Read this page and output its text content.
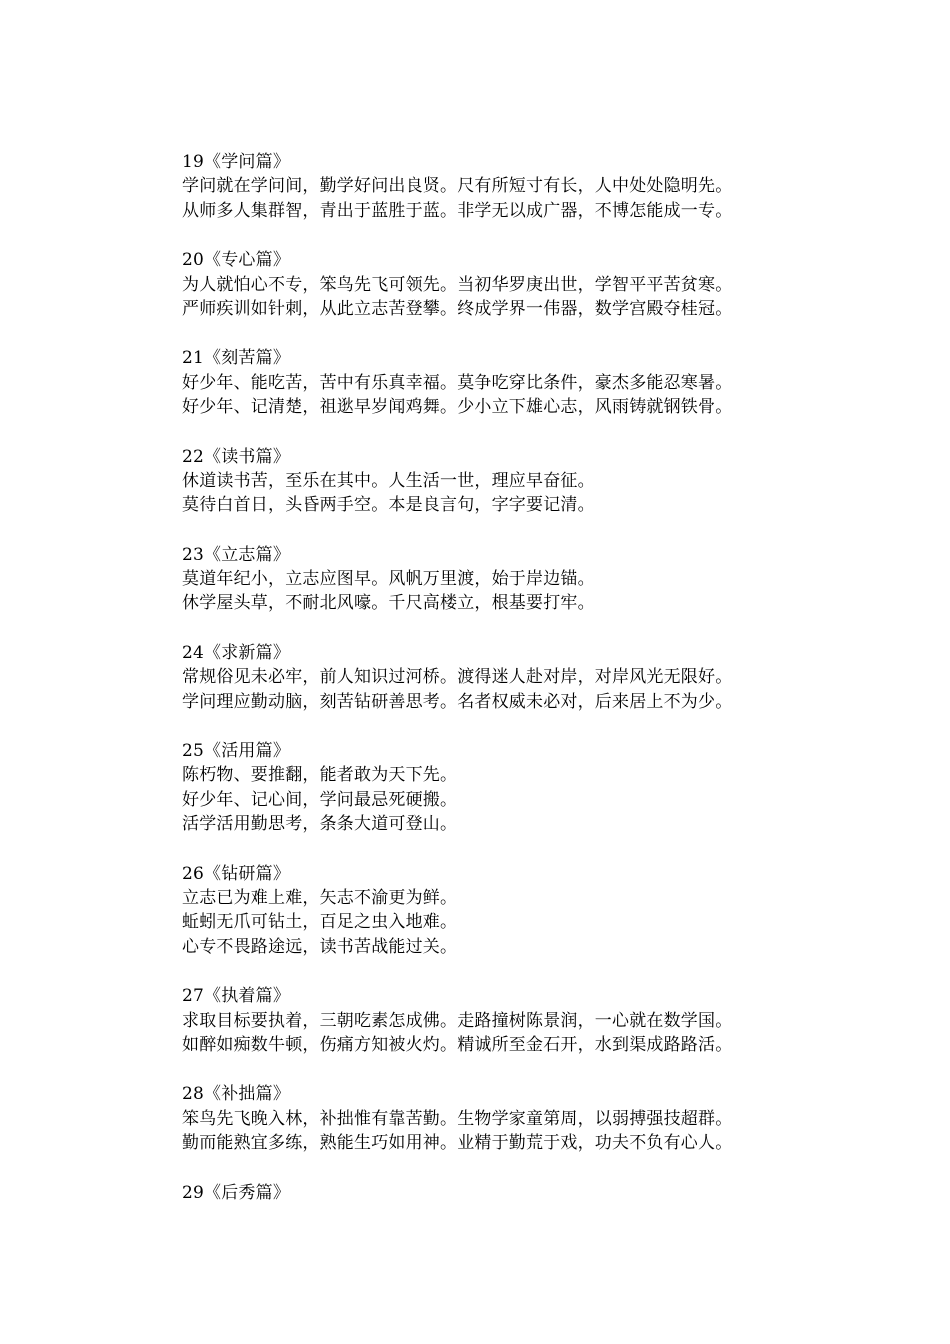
19《学问篇》
学问就在学问间，勤学好问出良贤。尺有所短寸有长，人中处处隐明先。
从师多人集群智，青出于蓝胜于蓝。非学无以成广器，不博怎能成一专。
20《专心篇》
为人就怕心不专，笨鸟先飞可领先。当初华罗庚出世，学智平平苦贫寒。
严师疾训如针刺，从此立志苦登攀。终成学界一伟器，数学宫殿夺桂冠。
21《刻苦篇》
好少年、能吃苦，苦中有乐真幸福。莫争吃穿比条件，豪杰多能忍寒暑。
好少年、记清楚，祖逖早岁闻鸡舞。少小立下雄心志，风雨铸就钢铁骨。
22《读书篇》
休道读书苦，至乐在其中。人生活一世，理应早奋征。
莫待白首日，头昏两手空。本是良言句，字字要记清。
23《立志篇》
莫道年纪小，立志应图早。风帆万里渡，始于岸边锚。
休学屋头草，不耐北风嚎。千尺高楼立，根基要打牢。
24《求新篇》
常规俗见未必牢，前人知识过河桥。渡得迷人赴对岸，对岸风光无限好。
学问理应勤动脑，刻苦钻研善思考。名者权威未必对，后来居上不为少。
25《活用篇》
陈朽物、要推翻，能者敢为天下先。
好少年、记心间，学问最忌死硬搬。
活学活用勤思考，条条大道可登山。
26《钻研篇》
立志已为难上难，矢志不渝更为鲜。
蚯蚓无爪可钻土，百足之虫入地难。
心专不畏路途远，读书苦战能过关。
27《执着篇》
求取目标要执着，三朝吃素怎成佛。走路撞树陈景润，一心就在数学国。
如醉如痴数牛顿，伤痛方知被火灼。精诚所至金石开，水到渠成路路活。
28《补拙篇》
笨鸟先飞晚入林，补拙惟有靠苦勤。生物学家童第周，以弱搏强技超群。
勤而能熟宜多练，熟能生巧如用神。业精于勤荒于戏，功夫不负有心人。
29《后秀篇》
